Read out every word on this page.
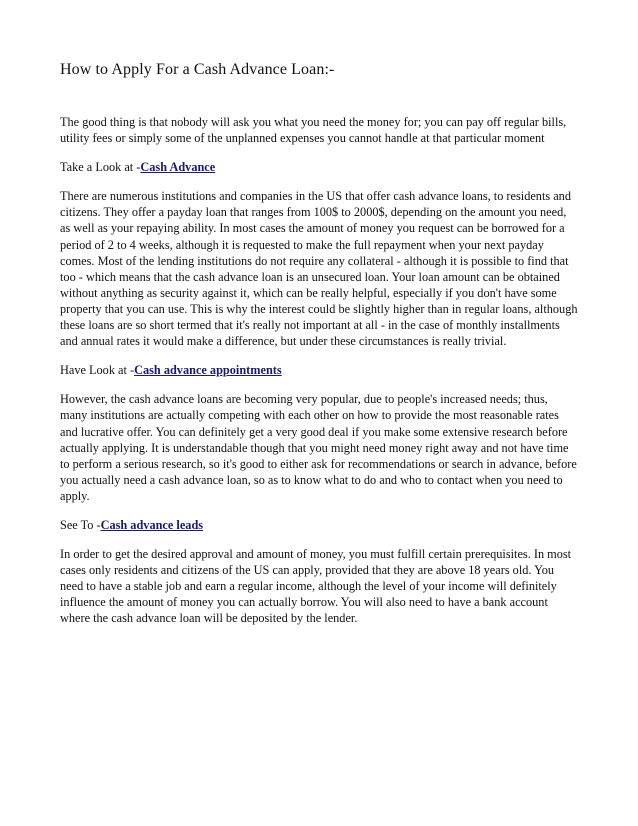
How to Apply For a Cash Advance Loan:-

The good thing is that nobody will ask you what you need the money for; you can pay off regular bills, utility fees or simply some of the unplanned expenses you cannot handle at that particular moment

Take a Look at -Cash Advance

There are numerous institutions and companies in the US that offer cash advance loans, to residents and citizens. They offer a payday loan that ranges from 100$ to 2000$, depending on the amount you need, as well as your repaying ability. In most cases the amount of money you request can be borrowed for a period of 2 to 4 weeks, although it is requested to make the full repayment when your next payday comes. Most of the lending institutions do not require any collateral - although it is possible to find that too - which means that the cash advance loan is an unsecured loan. Your loan amount can be obtained without anything as security against it, which can be really helpful, especially if you don't have some property that you can use. This is why the interest could be slightly higher than in regular loans, although these loans are so short termed that it's really not important at all - in the case of monthly installments and annual rates it would make a difference, but under these circumstances is really trivial.

Have Look at -Cash advance appointments

However, the cash advance loans are becoming very popular, due to people's increased needs; thus, many institutions are actually competing with each other on how to provide the most reasonable rates and lucrative offer. You can definitely get a very good deal if you make some extensive research before actually applying. It is understandable though that you might need money right away and not have time to perform a serious research, so it's good to either ask for recommendations or search in advance, before you actually need a cash advance loan, so as to know what to do and who to contact when you need to apply.

See To -Cash advance leads

In order to get the desired approval and amount of money, you must fulfill certain prerequisites. In most cases only residents and citizens of the US can apply, provided that they are above 18 years old. You need to have a stable job and earn a regular income, although the level of your income will definitely influence the amount of money you can actually borrow. You will also need to have a bank account where the cash advance loan will be deposited by the lender.
